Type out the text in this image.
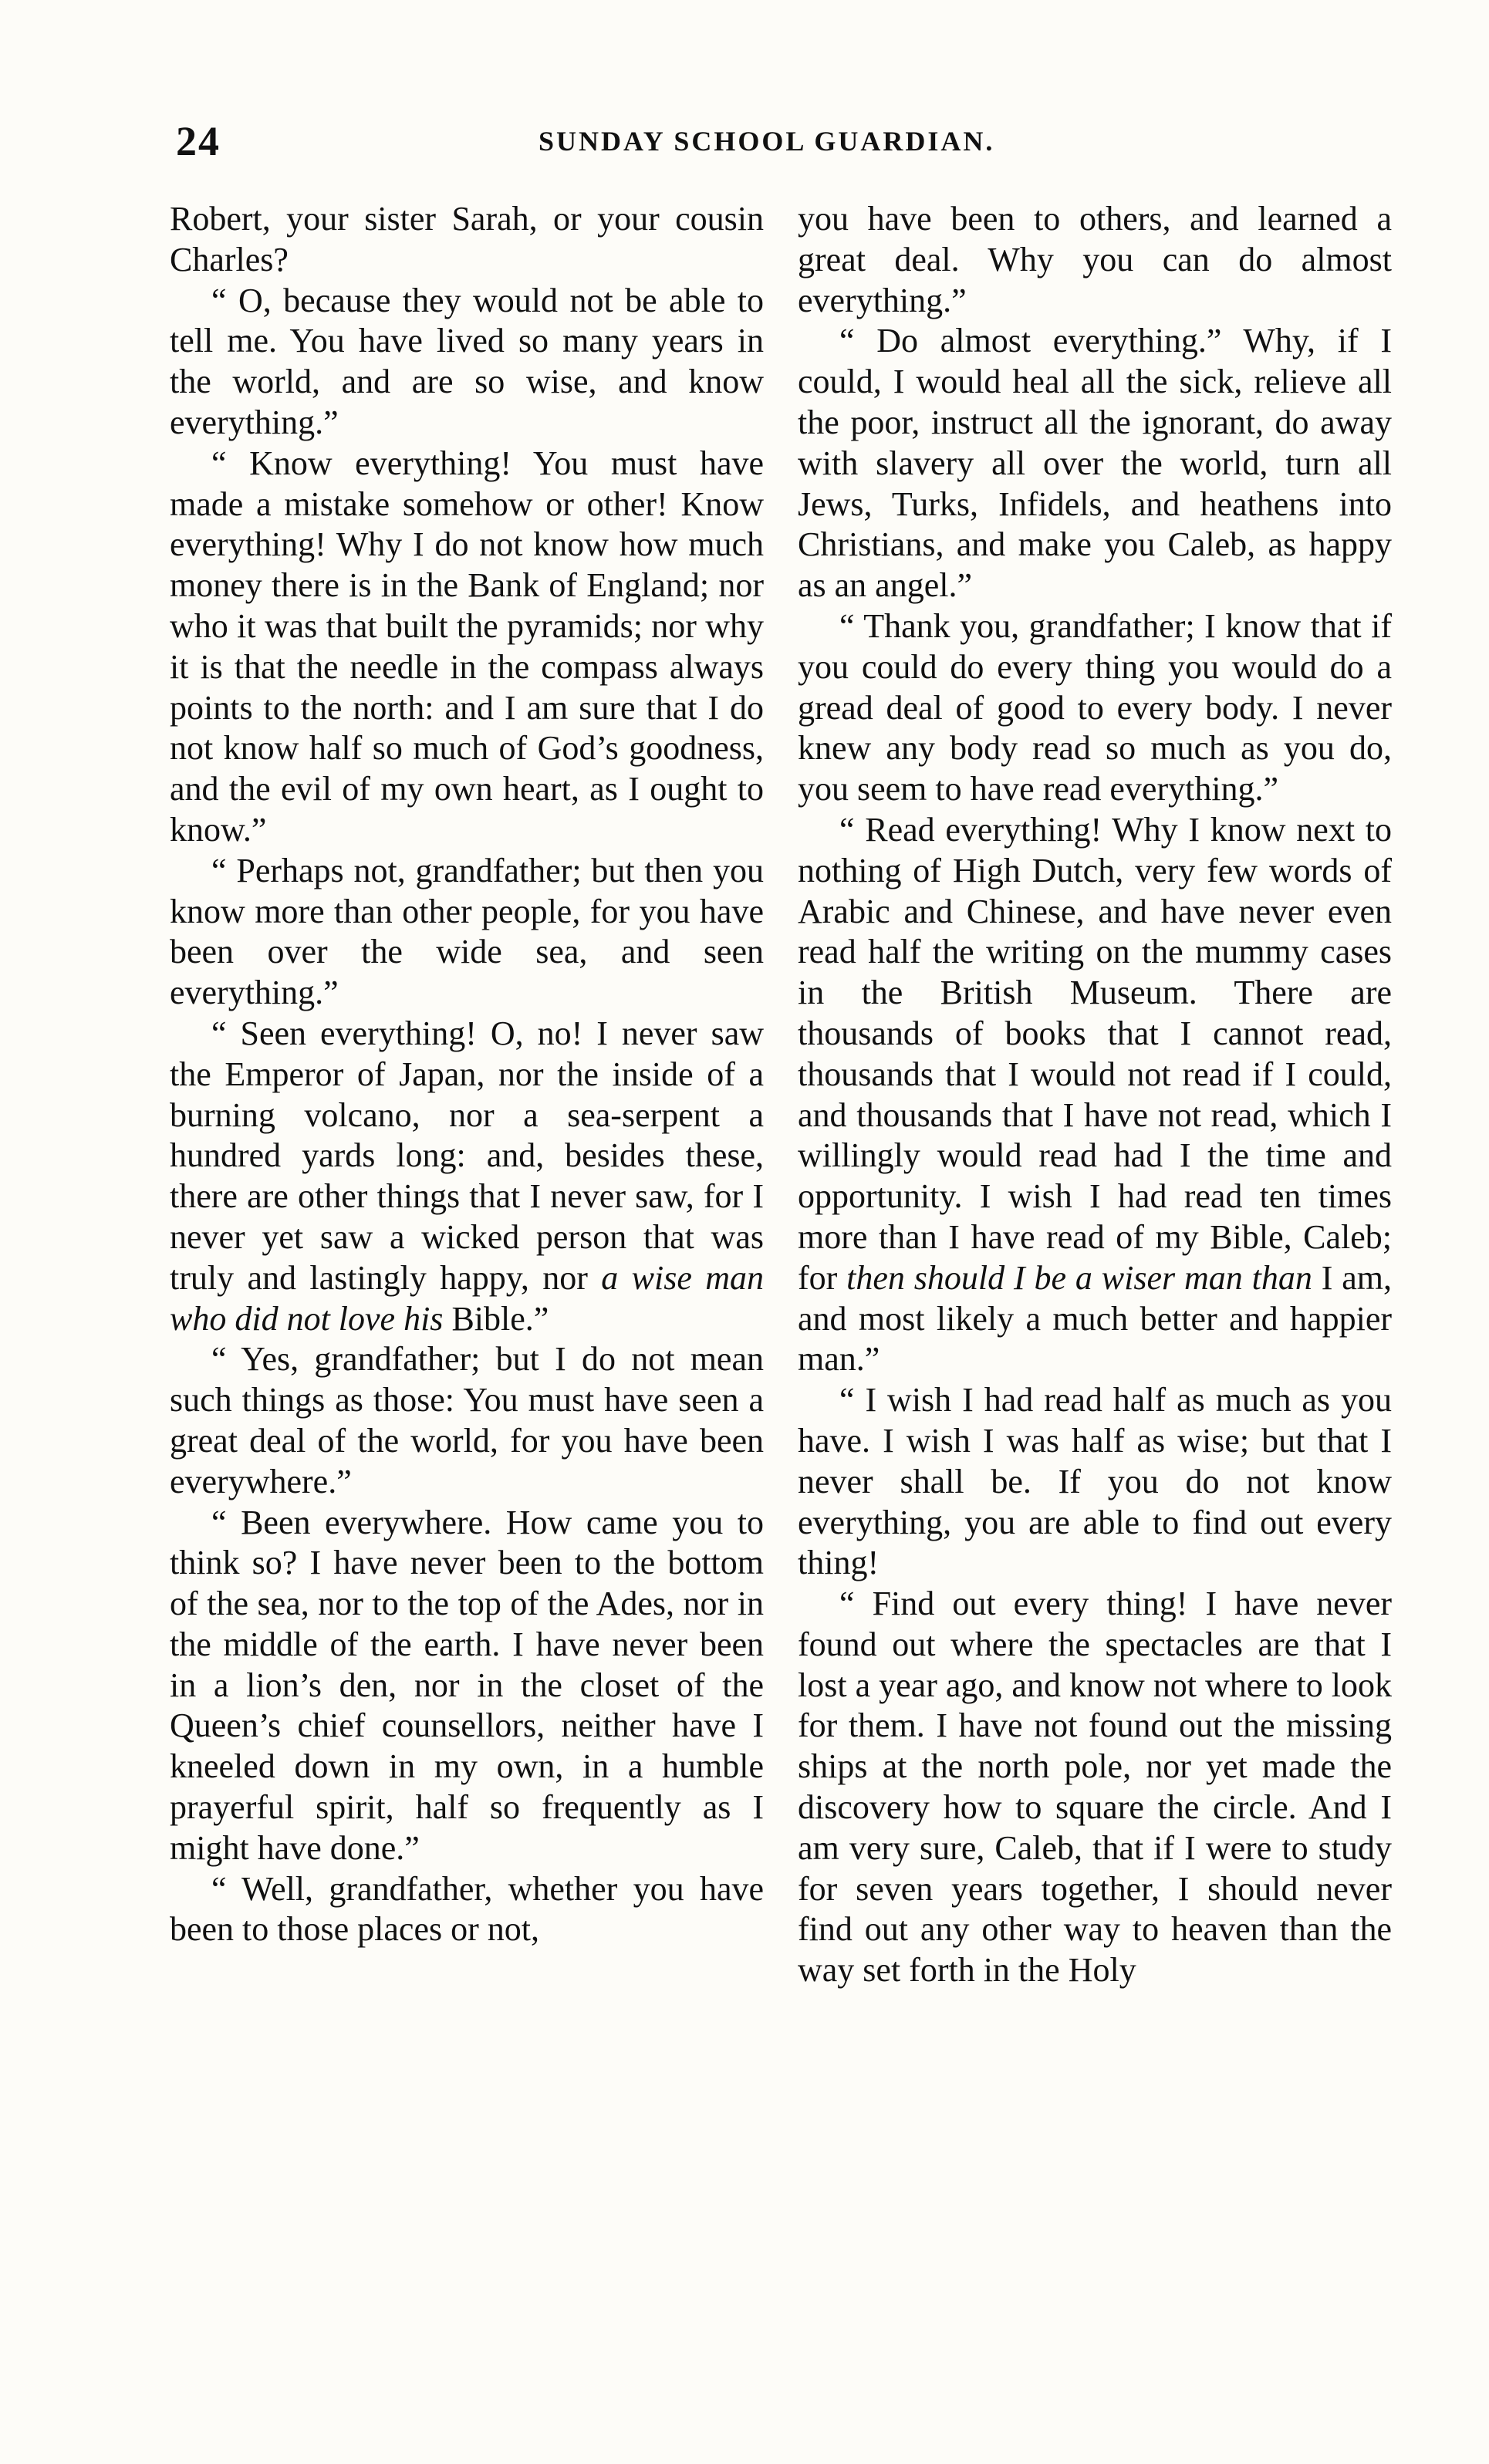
24	SUNDAY SCHOOL GUARDIAN.

Robert, your sister Sarah, or your cousin Charles?

“ O, because they would not be able to tell me. You have lived so many years in the world, and are so wise, and know everything.”

“ Know everything! You must have made a mistake somehow or other! Know everything! Why I do not know how much money there is in the Bank of England; nor who it was that built the pyramids; nor why it is that the needle in the compass always points to the north: and I am sure that I do not know half so much of God’s goodness, and the evil of my own heart, as I ought to know.”

“ Perhaps not, grandfather; but then you know more than other people, for you have been over the wide sea, and seen everything.”

“ Seen everything! O, no! I never saw the Emperor of Japan, nor the inside of a burning volcano, nor a sea-serpent a hundred yards long: and, besides these, there are other things that I never saw, for I never yet saw a wicked person that was truly and lastingly happy, nor a wise man who did not love his Bible.”

“ Yes, grandfather; but I do not mean such things as those: You must have seen a great deal of the world, for you have been everywhere.”

“ Been everywhere. How came you to think so? I have never been to the bottom of the sea, nor to the top of the Ades, nor in the middle of the earth. I have never been in a lion’s den, nor in the closet of the Queen’s chief counsellors, neither have I kneeled down in my own, in a humble prayerful spirit, half so frequently as I might have done.”

“ Well, grandfather, whether you have been to those places or not,

you have been to others, and learned a great deal. Why you can do almost everything.”

“ Do almost everything.” Why, if I could, I would heal all the sick, relieve all the poor, instruct all the ignorant, do away with slavery all over the world, turn all Jews, Turks, Infidels, and heathens into Christians, and make you Caleb, as happy as an angel.”

“ Thank you, grandfather; I know that if you could do every thing you would do a gread deal of good to every body. I never knew any body read so much as you do, you seem to have read everything.”

“ Read everything! Why I know next to nothing of High Dutch, very few words of Arabic and Chinese, and have never even read half the writing on the mummy cases in the British Museum. There are thousands of books that I cannot read, thousands that I would not read if I could, and thousands that I have not read, which I willingly would read had I the time and opportunity. I wish I had read ten times more than I have read of my Bible, Caleb; for then should I be a wiser man than I am, and most likely a much better and happier man.”

“ I wish I had read half as much as you have. I wish I was half as wise; but that I never shall be. If you do not know everything, you are able to find out every thing!

“ Find out every thing! I have never found out where the spectacles are that I lost a year ago, and know not where to look for them. I have not found out the missing ships at the north pole, nor yet made the discovery how to square the circle. And I am very sure, Caleb, that if I were to study for seven years together, I should never find out any other way to heaven than the way set forth in the Holy
